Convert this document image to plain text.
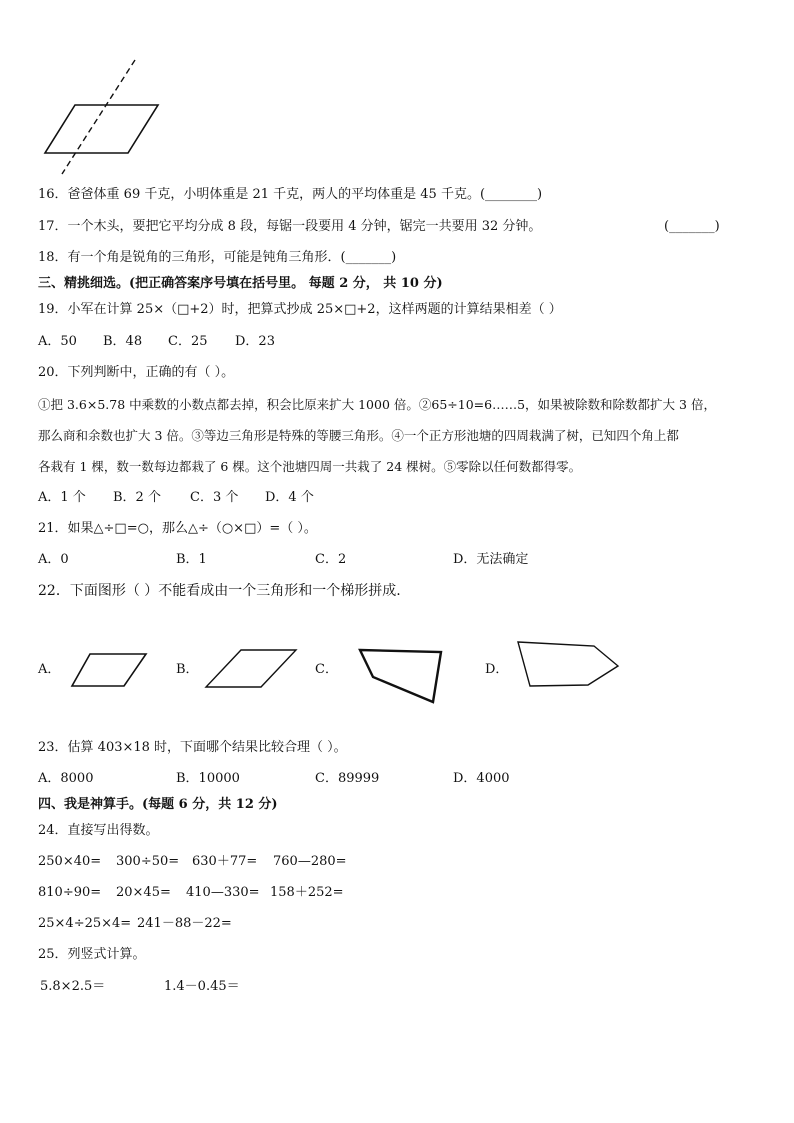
16．爸爸体重 69 千克，小明体重是 21 千克，两人的平均体重是 45 千克。(________)
17．一个木头，要把它平均分成 8 段，每锯一段要用 4 分钟，锯完一共要用 32 分钟。	(_______)
18．有一个角是锐角的三角形，可能是钝角三角形．(_______)
三、精挑细选。(把正确答案序号填在括号里。 每题 2 分， 共 10 分)
19．小军在计算 25×（□+2）时，把算式抄成 25×□+2，这样两题的计算结果相差（ ）
A．50 B．48 C．25 D．23
20．下列判断中，正确的有（ ）。
①把 3.6×5.78 中乘数的小数点都去掉，积会比原来扩大 1000 倍。②65÷10=6……5，如果被除数和除数都扩大 3 倍，
那么商和余数也扩大 3 倍。③等边三角形是特殊的等腰三角形。④一个正方形池塘的四周栽满了树，已知四个角上都
各栽有 1 棵，数一数每边都栽了 6 棵。这个池塘四周一共栽了 24 棵树。⑤零除以任何数都得零。
A．1 个 B．2 个 C．3 个 D．4 个
21．如果△÷□=○，那么△÷（○×□）=（ ）。
A．0	B．1	C．2	D．无法确定
22．下面图形（ ）不能看成由一个三角形和一个梯形拼成.
A．	B．	C．	D．
23．估算 403×18 时，下面哪个结果比较合理（ ）。
A．8000	B．10000	C．89999	D．4000
四、我是神算手。(每题 6 分，共 12 分)
24．直接写出得数。
250×40= 300÷50= 630＋77= 760—280=
810÷90= 20×45= 410—330= 158＋252=
25×4÷25×4= 241－88－22=
25．列竖式计算。
5.8×2.5＝	1.4－0.45＝
